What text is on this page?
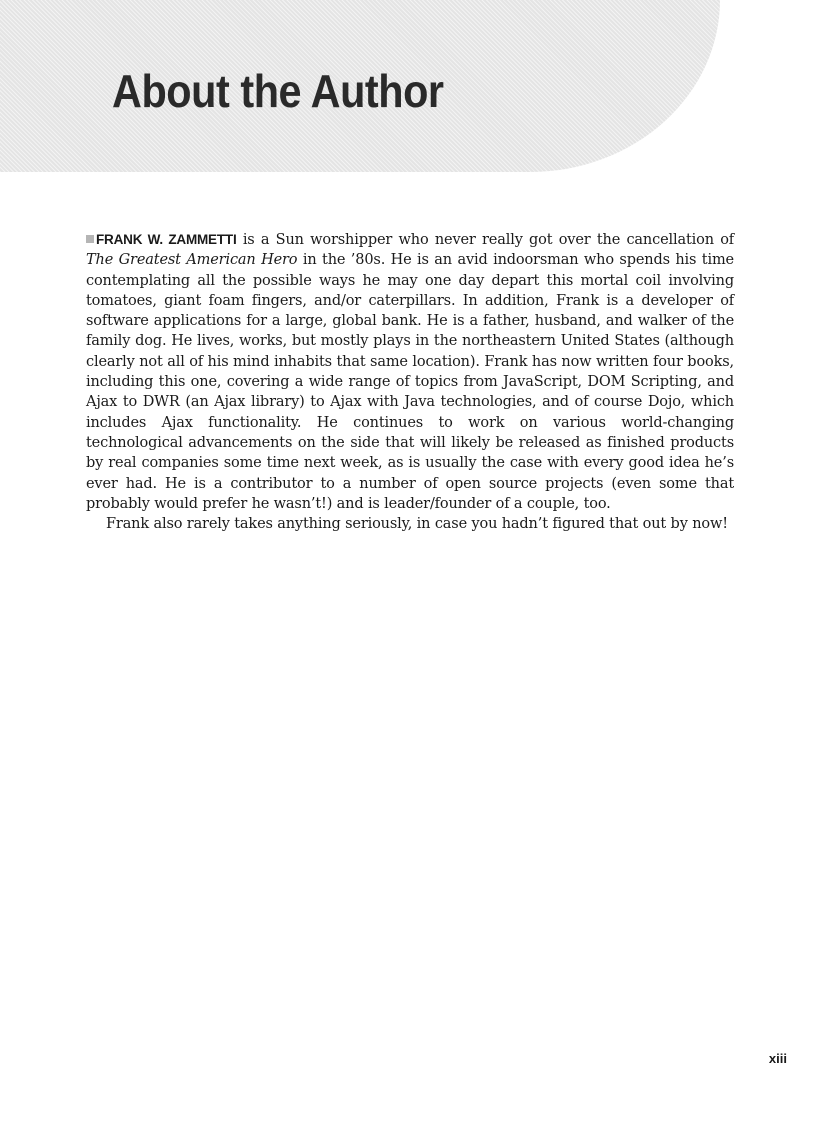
About the Author

FRANK W. ZAMMETTI is a Sun worshipper who never really got over the cancellation of The Greatest American Hero in the ’80s. He is an avid indoorsman who spends his time contemplating all the possible ways he may one day depart this mortal coil involving tomatoes, giant foam fingers, and/or caterpillars. In addition, Frank is a developer of software applications for a large, global bank. He is a father, husband, and walker of the family dog. He lives, works, but mostly plays in the northeastern United States (although clearly not all of his mind inhabits that same location). Frank has now written four books, including this one, covering a wide range of topics from JavaScript, DOM Scripting, and Ajax to DWR (an Ajax library) to Ajax with Java technologies, and of course Dojo, which includes Ajax functionality. He continues to work on various world-changing technological advancements on the side that will likely be released as finished products by real companies some time next week, as is usually the case with every good idea he’s ever had. He is a contributor to a number of open source projects (even some that probably would prefer he wasn’t!) and is leader/founder of a couple, too.

Frank also rarely takes anything seriously, in case you hadn’t figured that out by now!

xiii
